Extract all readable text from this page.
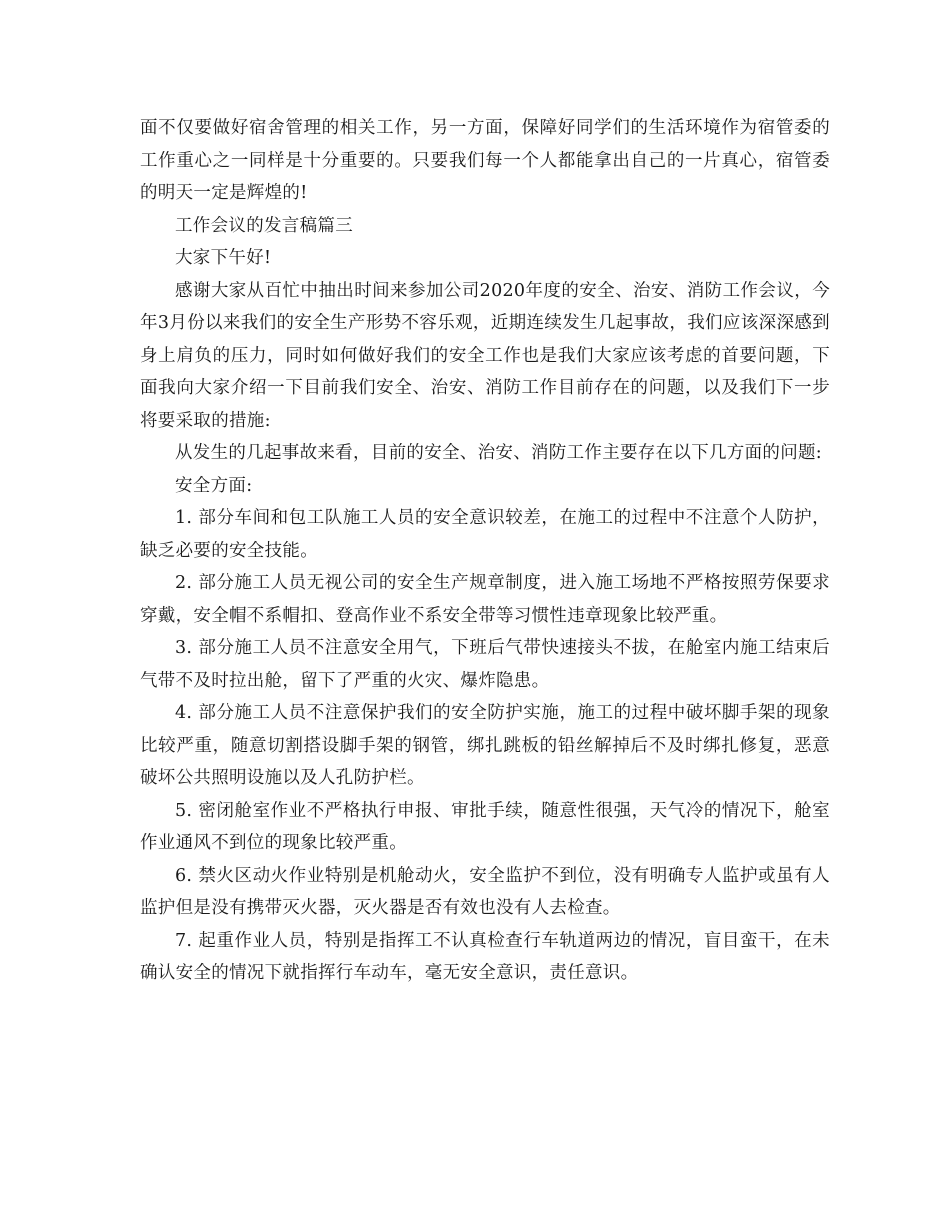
面不仅要做好宿舍管理的相关工作，另一方面，保障好同学们的生活环境作为宿管委的工作重心之一同样是十分重要的。只要我们每一个人都能拿出自己的一片真心，宿管委的明天一定是辉煌的!

工作会议的发言稿篇三

大家下午好!

感谢大家从百忙中抽出时间来参加公司2020年度的安全、治安、消防工作会议，今年3月份以来我们的安全生产形势不容乐观，近期连续发生几起事故，我们应该深深感到身上肩负的压力，同时如何做好我们的安全工作也是我们大家应该考虑的首要问题，下面我向大家介绍一下目前我们安全、治安、消防工作目前存在的问题，以及我们下一步将要采取的措施:

从发生的几起事故来看，目前的安全、治安、消防工作主要存在以下几方面的问题:

安全方面:

1. 部分车间和包工队施工人员的安全意识较差，在施工的过程中不注意个人防护，缺乏必要的安全技能。

2. 部分施工人员无视公司的安全生产规章制度，进入施工场地不严格按照劳保要求穿戴，安全帽不系帽扣、登高作业不系安全带等习惯性违章现象比较严重。

3. 部分施工人员不注意安全用气，下班后气带快速接头不拔，在舱室内施工结束后气带不及时拉出舱，留下了严重的火灾、爆炸隐患。

4. 部分施工人员不注意保护我们的安全防护实施，施工的过程中破坏脚手架的现象比较严重，随意切割搭设脚手架的钢管，绑扎跳板的铅丝解掉后不及时绑扎修复，恶意破坏公共照明设施以及人孔防护栏。

5. 密闭舱室作业不严格执行申报、审批手续，随意性很强，天气冷的情况下，舱室作业通风不到位的现象比较严重。

6. 禁火区动火作业特别是机舱动火，安全监护不到位，没有明确专人监护或虽有人监护但是没有携带灭火器，灭火器是否有效也没有人去检查。

7. 起重作业人员，特别是指挥工不认真检查行车轨道两边的情况，盲目蛮干，在未确认安全的情况下就指挥行车动车，毫无安全意识，责任意识。
